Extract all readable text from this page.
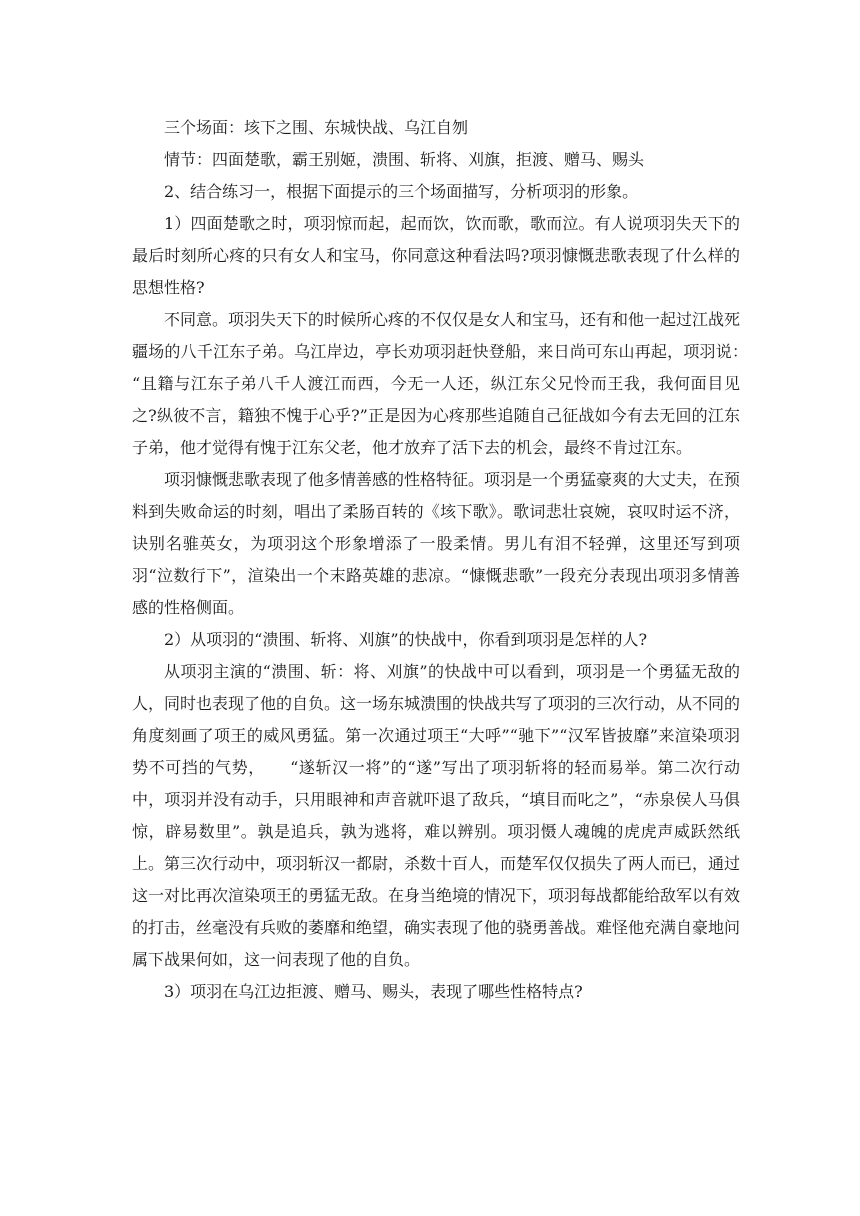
三个场面：垓下之围、东城快战、乌江自刎

情节：四面楚歌，霸王别姬，溃围、斩将、刈旗，拒渡、赠马、赐头

2、结合练习一，根据下面提示的三个场面描写，分析项羽的形象。

1）四面楚歌之时，项羽惊而起，起而饮，饮而歌，歌而泣。有人说项羽失天下的最后时刻所心疼的只有女人和宝马，你同意这种看法吗?项羽慷慨悲歌表现了什么样的思想性格?

不同意。项羽失天下的时候所心疼的不仅仅是女人和宝马，还有和他一起过江战死疆场的八千江东子弟。乌江岸边，亭长劝项羽赶快登船，来日尚可东山再起，项羽说：　　“且籍与江东子弟八千人渡江而西，今无一人还，纵江东父兄怜而王我，我何面目见之?纵彼不言，籍独不愧于心乎?”正是因为心疼那些追随自己征战如今有去无回的江东子弟，他才觉得有愧于江东父老，他才放弃了活下去的机会，最终不肯过江东。

项羽慷慨悲歌表现了他多情善感的性格特征。项羽是一个勇猛豪爽的大丈夫，在预料到失败命运的时刻，唱出了柔肠百转的《垓下歌》。歌词悲壮哀婉，哀叹时运不济，诀别名骓英女，为项羽这个形象增添了一股柔情。男儿有泪不轻弹，这里还写到项羽“泣数行下”，渲染出一个末路英雄的悲凉。“慷慨悲歌”一段充分表现出项羽多情善感的性格侧面。

2）从项羽的“溃围、斩将、刈旗”的快战中，你看到项羽是怎样的人?

从项羽主演的“溃围、斩：将、刈旗”的快战中可以看到，项羽是一个勇猛无敌的人，同时也表现了他的自负。这一场东城溃围的快战共写了项羽的三次行动，从不同的角度刻画了项王的威风勇猛。第一次通过项王“大呼”“驰下”“汉军皆披靡”来渲染项羽势不可挡的气势，　　“遂斩汉一将”的“遂”写出了项羽斩将的轻而易举。第二次行动中，项羽并没有动手，只用眼神和声音就吓退了敌兵，“填目而叱之”，“赤泉侯人马俱惊，辟易数里”。孰是追兵，孰为逃将，难以辨别。项羽慑人魂魄的虎虎声威跃然纸上。第三次行动中，项羽斩汉一都尉，杀数十百人，而楚军仅仅损失了两人而已，通过这一对比再次渲染项王的勇猛无敌。在身当绝境的情况下，项羽每战都能给敌军以有效的打击，丝毫没有兵败的萎靡和绝望，确实表现了他的骁勇善战。难怪他充满自豪地问属下战果何如，这一问表现了他的自负。

3）项羽在乌江边拒渡、赠马、赐头，表现了哪些性格特点?
